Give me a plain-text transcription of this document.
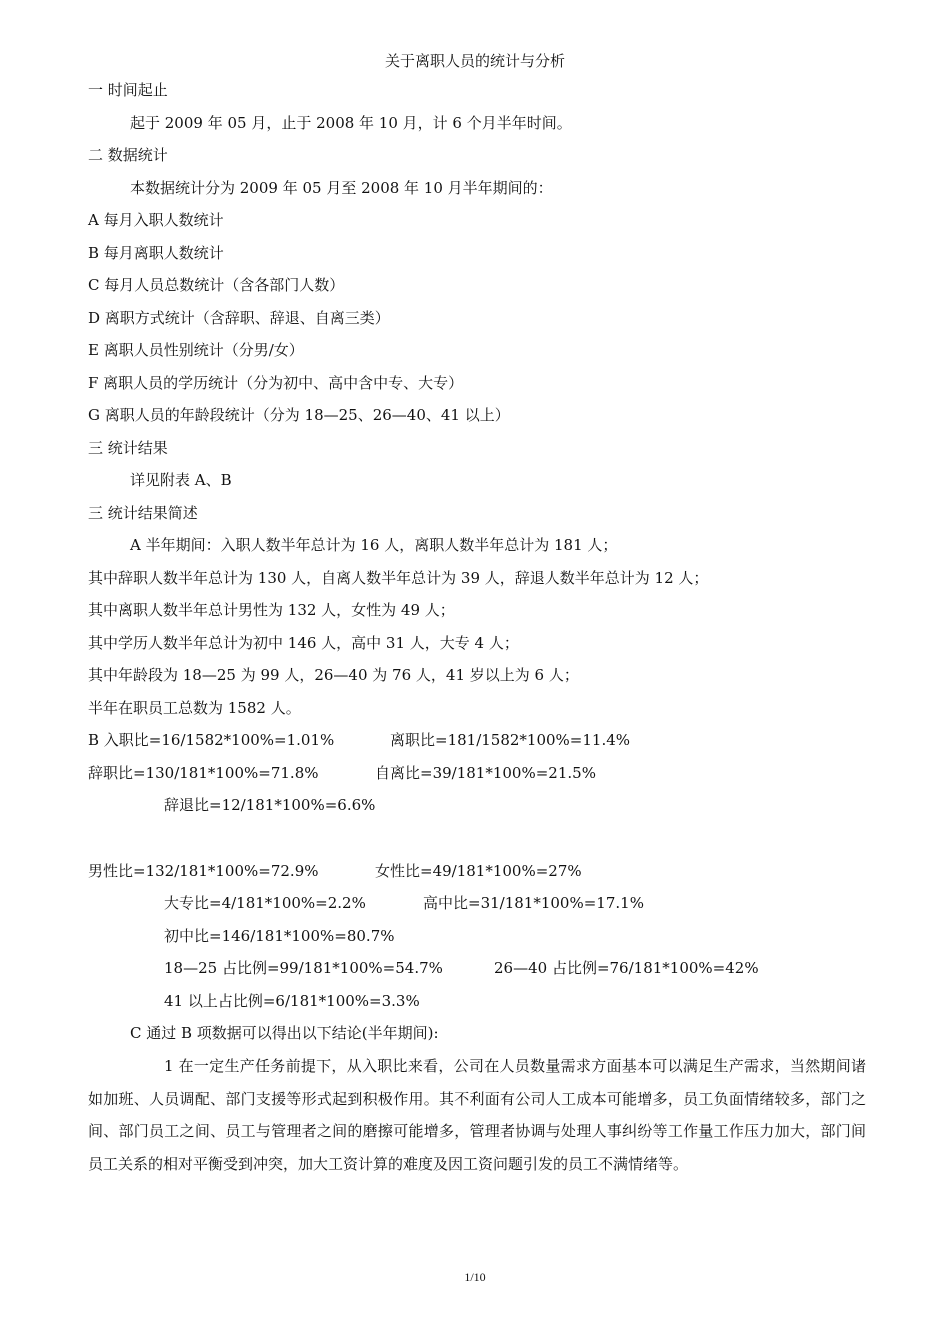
关于离职人员的统计与分析
一 时间起止
起于 2009 年 05 月，止于 2008 年 10 月，计 6 个月半年时间。
二 数据统计
本数据统计分为 2009 年 05 月至 2008 年 10 月半年期间的：
A 每月入职人数统计
B 每月离职人数统计
C 每月人员总数统计（含各部门人数）
D 离职方式统计（含辞职、辞退、自离三类）
E 离职人员性别统计（分男/女）
F 离职人员的学历统计（分为初中、高中含中专、大专）
G 离职人员的年龄段统计（分为 18—25、26—40、41 以上）
三 统计结果
详见附表 A、B
三 统计结果简述
A 半年期间：入职人数半年总计为 16 人，离职人数半年总计为 181 人；
其中辞职人数半年总计为 130 人，自离人数半年总计为 39 人，辞退人数半年总计为 12 人；
其中离职人数半年总计男性为 132 人，女性为 49 人；
其中学历人数半年总计为初中 146 人，高中 31 人，大专 4 人；
其中年龄段为 18—25 为 99 人，26—40 为 76 人，41 岁以上为 6 人；
半年在职员工总数为 1582 人。
B 入职比=16/1582*100%=1.01%	离职比=181/1582*100%=11.4%
辞职比=130/181*100%=71.8%	自离比=39/181*100%=21.5%
辞退比=12/181*100%=6.6%
男性比=132/181*100%=72.9%	女性比=49/181*100%=27%
大专比=4/181*100%=2.2%	高中比=31/181*100%=17.1%
初中比=146/181*100%=80.7%
18—25 占比例=99/181*100%=54.7%	26—40 占比例=76/181*100%=42%
41 以上占比例=6/181*100%=3.3%
C 通过 B 项数据可以得出以下结论(半年期间):
1 在一定生产任务前提下，从入职比来看，公司在人员数量需求方面基本可以满足生产需求，当然期间诸如加班、人员调配、部门支援等形式起到积极作用。其不利面有公司人工成本可能增多，员工负面情绪较多，部门之间、部门员工之间、员工与管理者之间的磨擦可能增多，管理者协调与处理人事纠纷等工作量工作压力加大，部门间员工关系的相对平衡受到冲突，加大工资计算的难度及因工资问题引发的员工不满情绪等。
1/10
